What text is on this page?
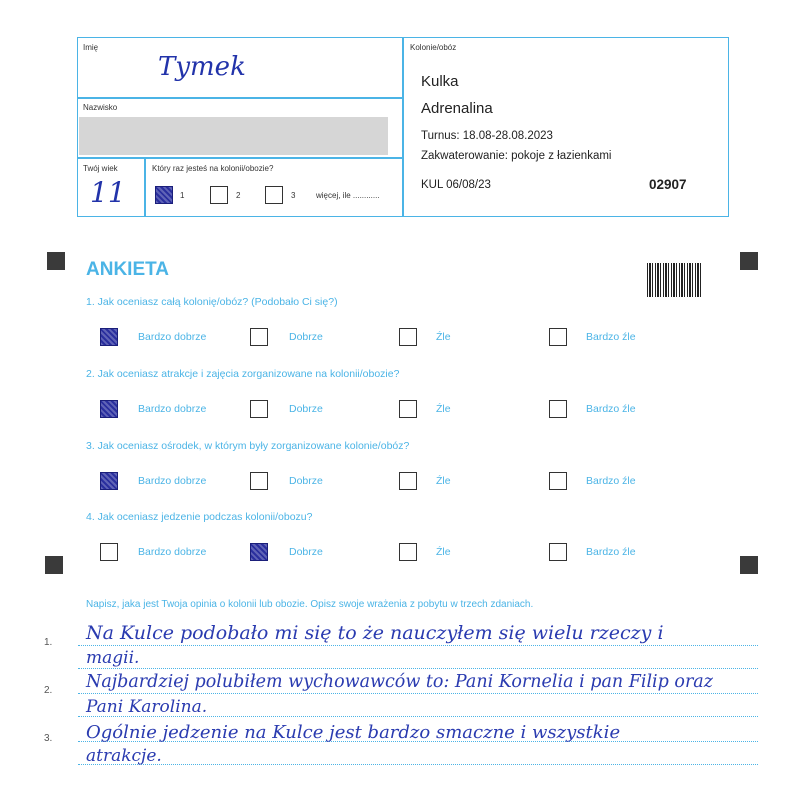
Imię
Tymek
Nazwisko
Twój wiek
11
Który raz jesteś na kolonii/obozie?
1	2	3	więcej, ile ............
Kolonie/obóz
Kulka
Adrenalina
Turnus: 18.08-28.08.2023
Zakwaterowanie: pokoje z łazienkami
KUL 06/08/23	02907
ANKIETA
1. Jak oceniasz całą kolonię/obóz? (Podobało Ci się?)
Bardzo dobrze	Dobrze	Źle	Bardzo źle
2. Jak oceniasz atrakcje i zajęcia zorganizowane na kolonii/obozie?
Bardzo dobrze	Dobrze	Źle	Bardzo źle
3. Jak oceniasz ośrodek, w którym były zorganizowane kolonie/obóz?
Bardzo dobrze	Dobrze	Źle	Bardzo źle
4. Jak oceniasz jedzenie podczas kolonii/obozu?
Bardzo dobrze	Dobrze	Źle	Bardzo źle
Napisz, jaka jest Twoja opinia o kolonii lub obozie. Opisz swoje wrażenia z pobytu w trzech zdaniach.
1.
2.
3.
Na Kulce podobało mi się to że nauczyłem się wielu rzeczy i
magii.
Najbardziej polubiłem wychowawców to: Pani Kornelia i pan Filip oraz
Pani Karolina.
Ogólnie jedzenie na Kulce jest bardzo smaczne i wszystkie
atrakcje.
